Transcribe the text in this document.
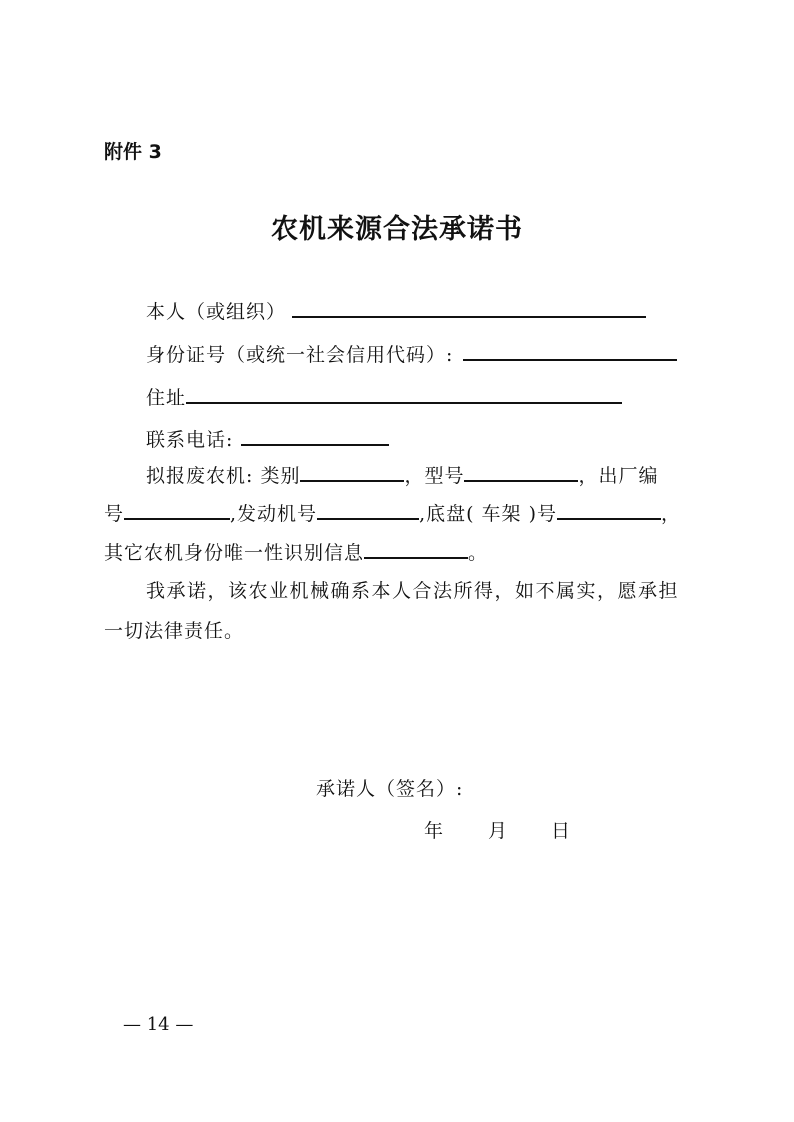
附件 3
农机来源合法承诺书
本人（或组织）
身份证号（或统一社会信用代码）:
住址
联系电话:
拟报废农机: 类别	，型号	，出厂编
号	,发动机号	,底盘( 车架 )号	，
其它农机身份唯一性识别信息	。
我承诺，该农业机械确系本人合法所得，如不属实，愿承担
一切法律责任。
承诺人（签名）:
年 月 日
— 14 —
